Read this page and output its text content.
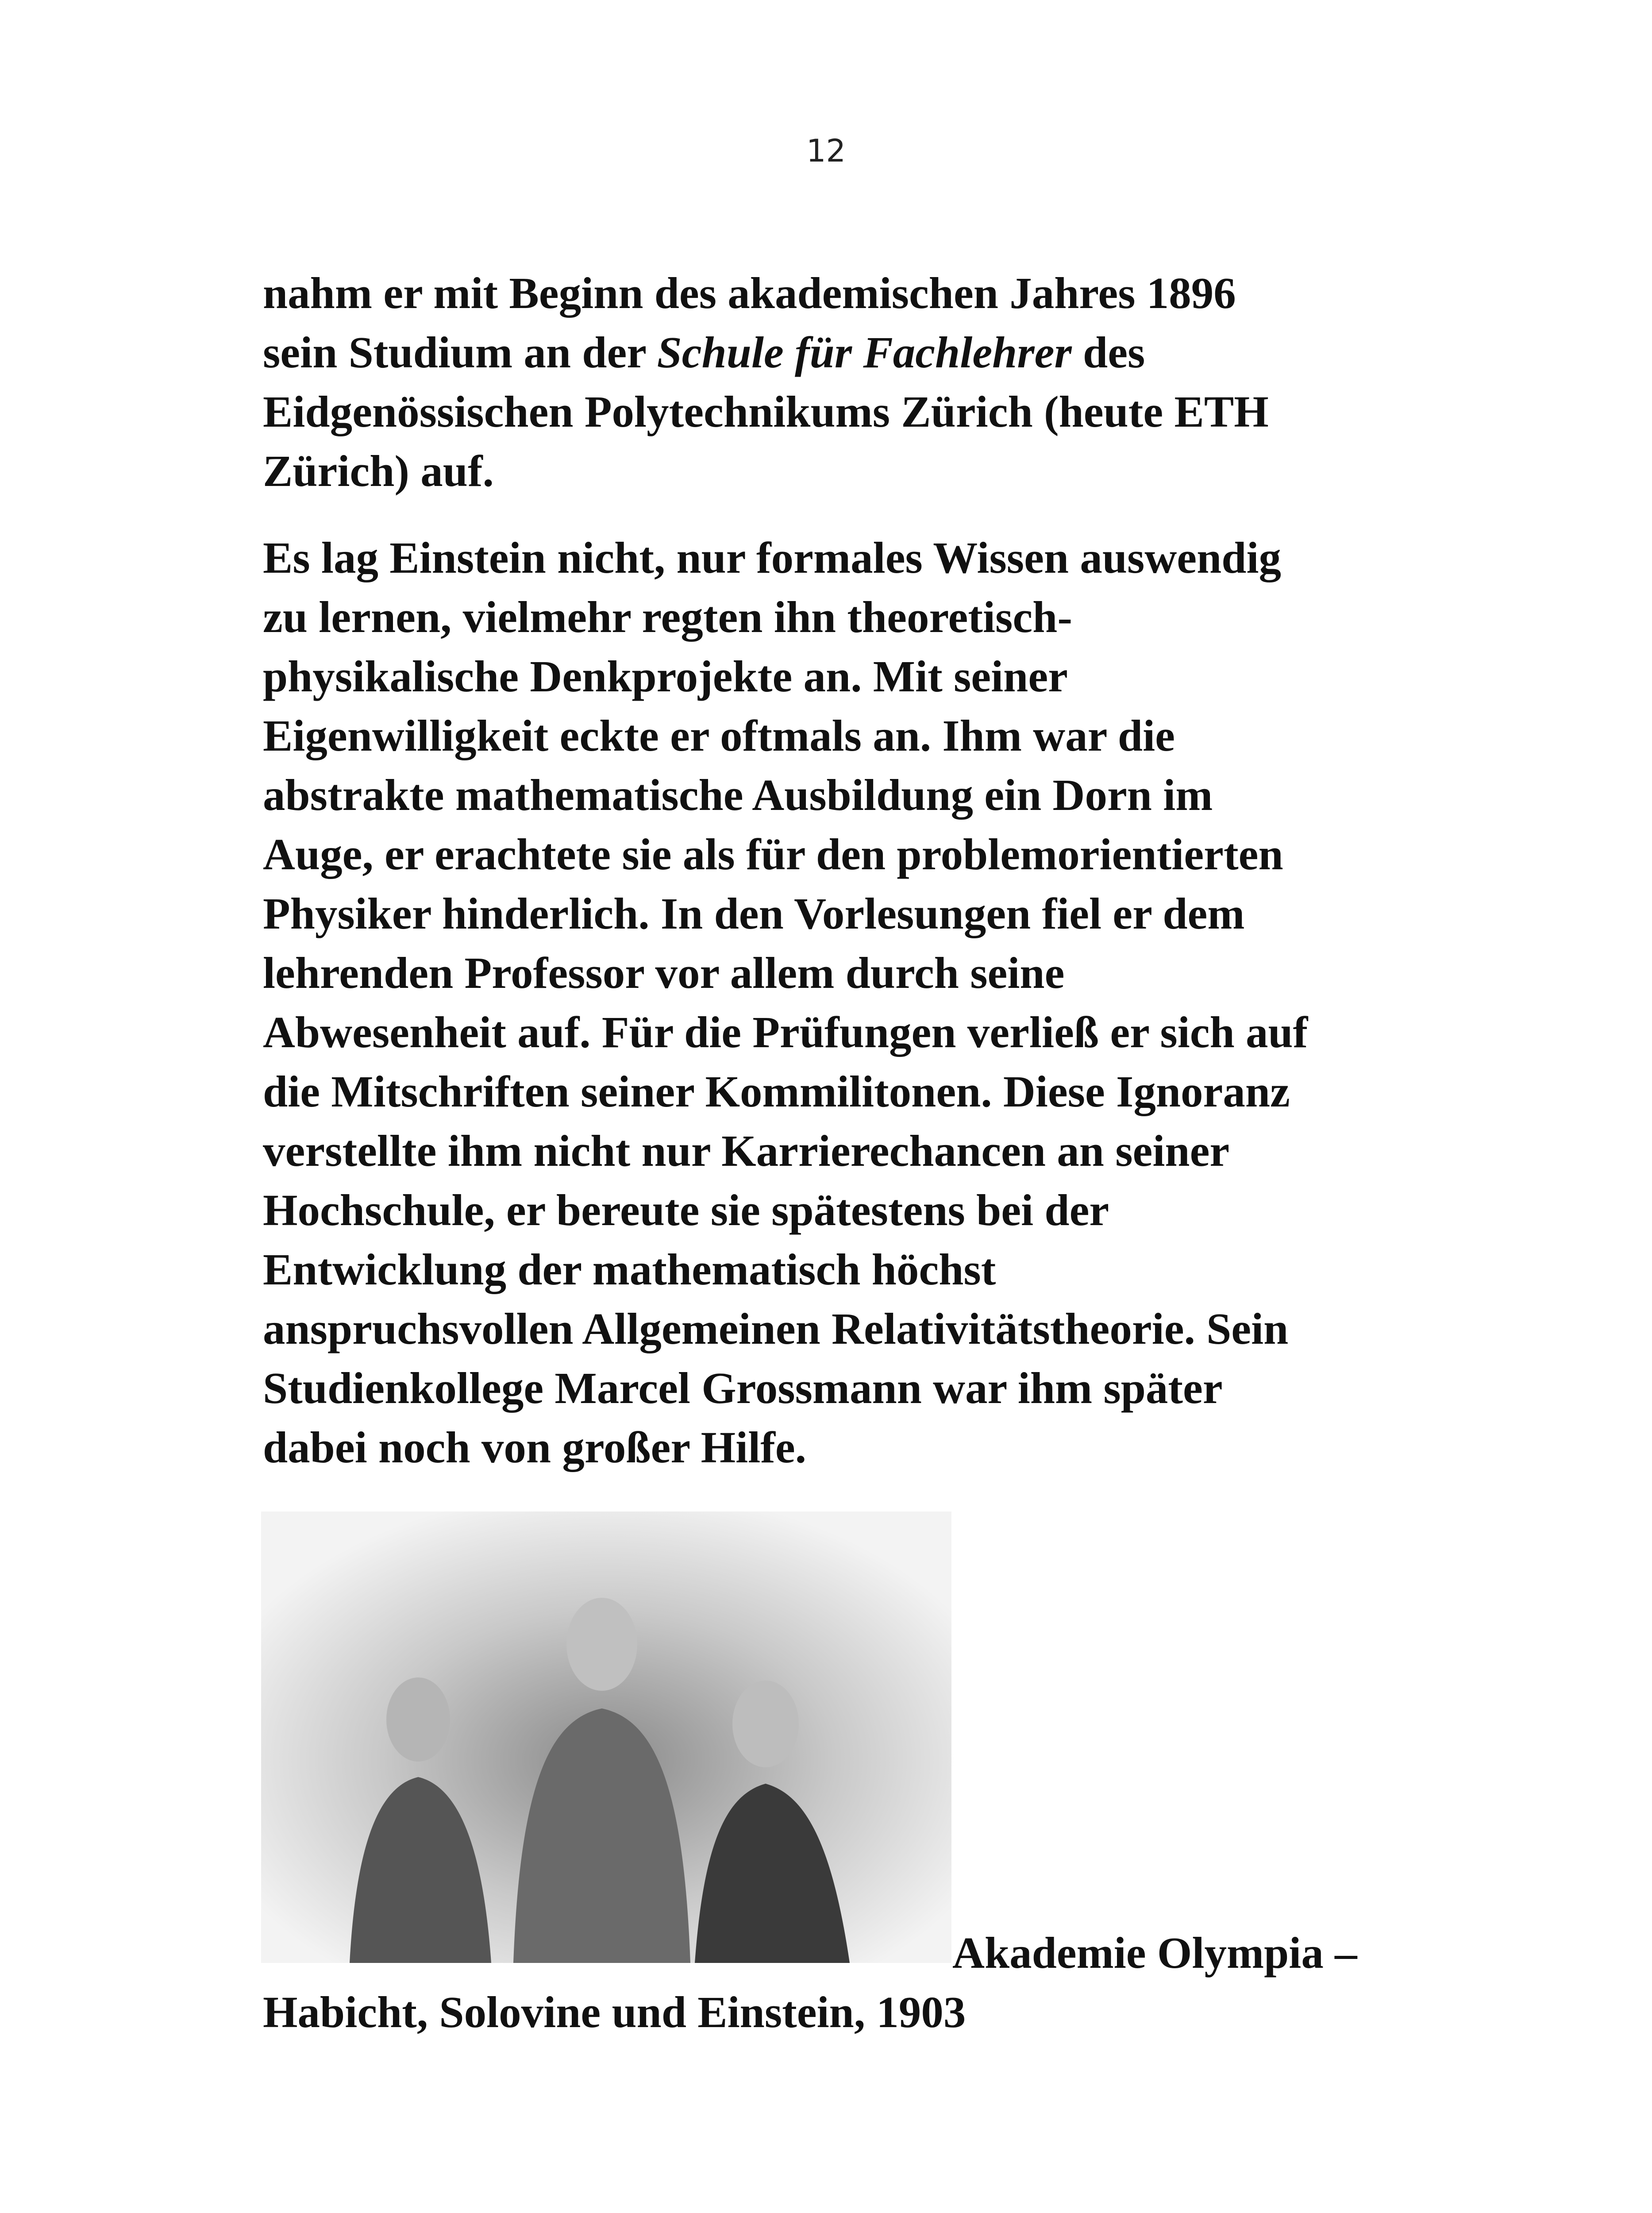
12
nahm er mit Beginn des akademischen Jahres 1896
sein Studium an der Schule für Fachlehrer des
Eidgenössischen Polytechnikums Zürich (heute ETH
Zürich) auf.
Es lag Einstein nicht, nur formales Wissen auswendig
zu lernen, vielmehr regten ihn theoretisch-
physikalische Denkprojekte an. Mit seiner
Eigenwilligkeit eckte er oftmals an. Ihm war die
abstrakte mathematische Ausbildung ein Dorn im
Auge, er erachtete sie als für den problemorientierten
Physiker hinderlich. In den Vorlesungen fiel er dem
lehrenden Professor vor allem durch seine
Abwesenheit auf. Für die Prüfungen verließ er sich auf
die Mitschriften seiner Kommilitonen. Diese Ignoranz
verstellte ihm nicht nur Karrierechancen an seiner
Hochschule, er bereute sie spätestens bei der
Entwicklung der mathematisch höchst
anspruchsvollen Allgemeinen Relativitätstheorie. Sein
Studienkollege Marcel Grossmann war ihm später
dabei noch von großer Hilfe.
Akademie Olympia –
Habicht, Solovine und Einstein, 1903
